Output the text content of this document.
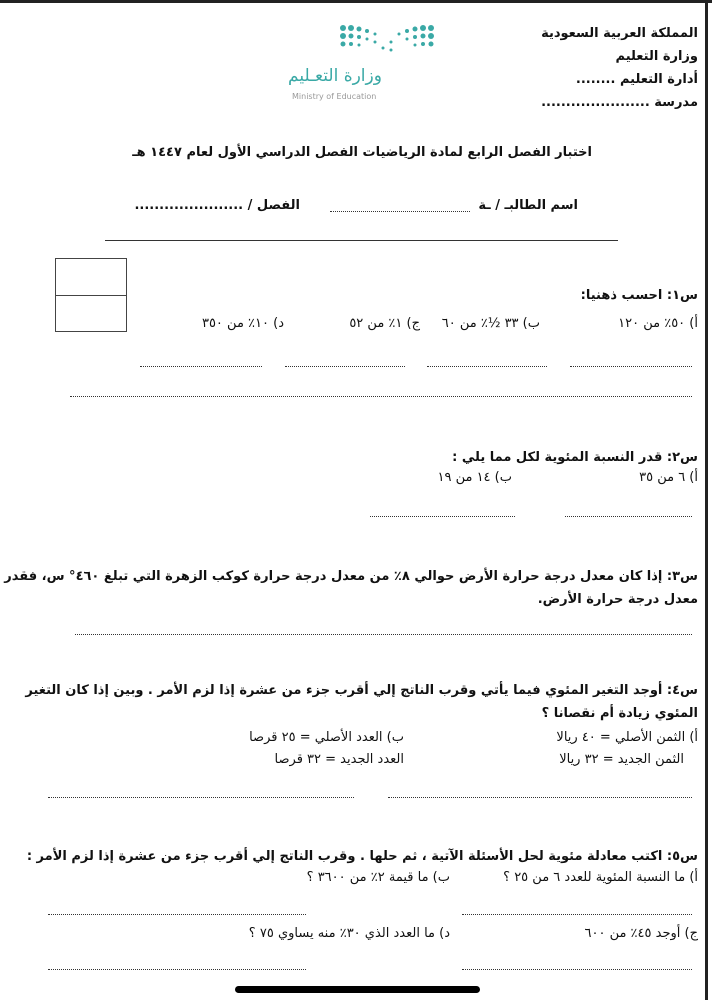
المملكة العربية السعودية
وزارة التعليم
أدارة التعليم ........
مدرسة ......................
وزارة التعـليم
Ministry of Education
اختبار الفصل الرابع لمادة الرياضيات الفصل الدراسي الأول لعام ١٤٤٧ هـ
اسم الطالبـ / ـة
الفصل / ......................
س١: احسب ذهنيا:
أ) ٥٠٪ من ١٢٠
ب) ٣٣ ½٪ من ٦٠
ج) ١٪ من ٥٢
د) ١٠٪ من ٣٥٠
س٢: قدر النسبة المئوية لكل مما يلي :
أ) ٦ من ٣٥
ب) ١٤ من ١٩
س٣: إذا كان معدل درجة حرارة الأرض حوالي ٨٪ من معدل درجة حرارة كوكب الزهرة التي تبلغ ٤٦٠° س، فقدر
معدل درجة حرارة الأرض.
س٤: أوجد التغير المئوي فيما يأتي وقرب الناتج إلي أقرب جزء من عشرة إذا لزم الأمر . وبين إذا كان التغير
المئوي زيادة أم نقصانا ؟
أ) الثمن الأصلي = ٤٠ ريالا
الثمن الجديد = ٣٢ ريالا
ب) العدد الأصلي = ٢٥ قرصا
العدد الجديد = ٣٢ قرصا
س٥: اكتب معادلة مئوية لحل الأسئلة الآتية ، ثم حلها . وقرب الناتج إلي أقرب جزء من عشرة إذا لزم الأمر :
أ) ما النسبة المئوية للعدد ٦ من ٢٥ ؟
ب) ما قيمة ٢٪ من ٣٦٠٠ ؟
ج) أوجد ٤٥٪ من ٦٠٠
د) ما العدد الذي ٣٠٪ منه يساوي ٧٥ ؟
